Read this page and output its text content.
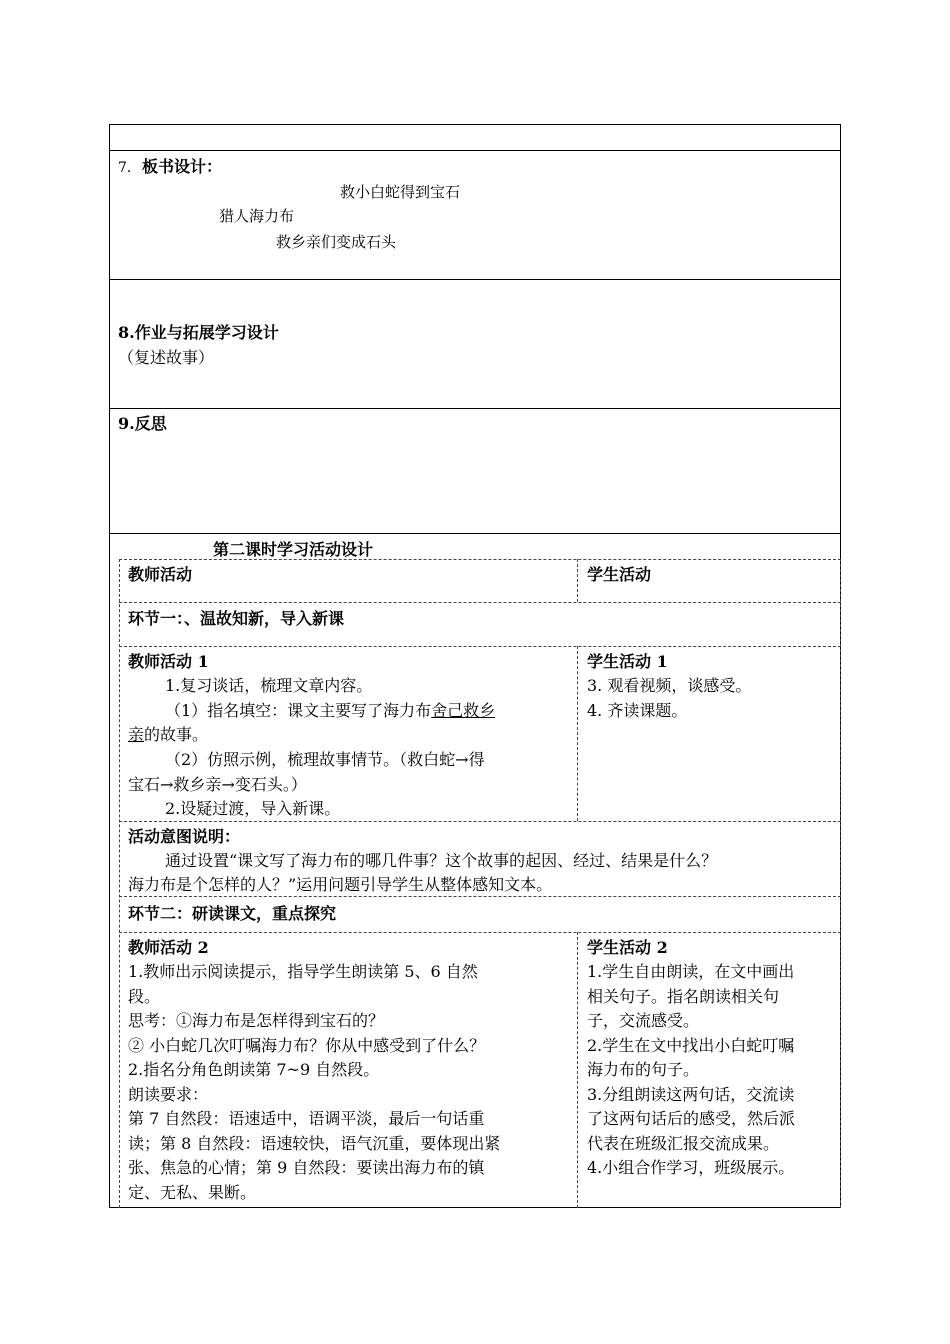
7. 板书设计：
救小白蛇得到宝石
猎人海力布
救乡亲们变成石头
8.作业与拓展学习设计
（复述故事）
9.反思
第二课时学习活动设计
教师活动	学生活动
环节一：、温故知新，导入新课
教师活动 1
1.复习谈话，梳理文章内容。
（1）指名填空：课文主要写了海力布舍己救乡
亲的故事。
（2）仿照示例，梳理故事情节。（救白蛇→得
宝石→救乡亲→变石头。）
2.设疑过渡，导入新课。
学生活动 1
3. 观看视频，谈感受。
4. 齐读课题。
活动意图说明：
通过设置“课文写了海力布的哪几件事？这个故事的起因、经过、结果是什么？
海力布是个怎样的人？”运用问题引导学生从整体感知文本。
环节二：研读课文，重点探究
教师活动 2
1.教师出示阅读提示，指导学生朗读第 5、6 自然
段。
思考：①海力布是怎样得到宝石的？
② 小白蛇几次叮嘱海力布？你从中感受到了什么？
2.指名分角色朗读第 7~9 自然段。
朗读要求：
第 7 自然段：语速适中，语调平淡，最后一句话重
读；第 8 自然段：语速较快，语气沉重，要体现出紧
张、焦急的心情；第 9 自然段：要读出海力布的镇
定、无私、果断。
学生活动 2
1.学生自由朗读，在文中画出
相关句子。指名朗读相关句
子，交流感受。
2.学生在文中找出小白蛇叮嘱
海力布的句子。
3.分组朗读这两句话，交流读
了这两句话后的感受，然后派
代表在班级汇报交流成果。
4.小组合作学习，班级展示。
